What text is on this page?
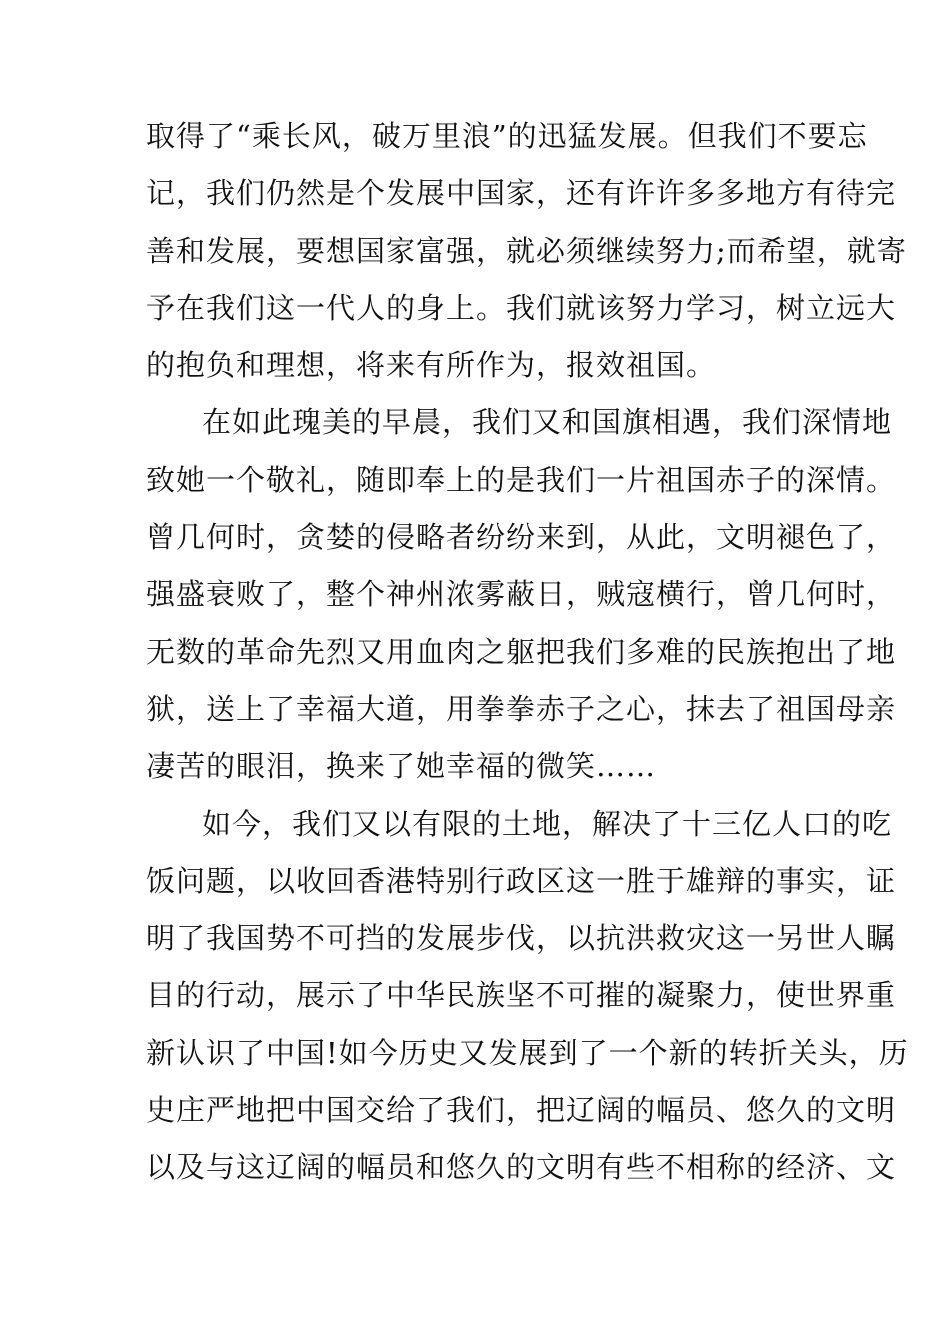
取得了“乘长风，破万里浪”的迅猛发展。但我们不要忘
记，我们仍然是个发展中国家，还有许许多多地方有待完
善和发展，要想国家富强，就必须继续努力;而希望，就寄
予在我们这一代人的身上。我们就该努力学习，树立远大
的抱负和理想，将来有所作为，报效祖国。

在如此瑰美的早晨，我们又和国旗相遇，我们深情地
致她一个敬礼，随即奉上的是我们一片祖国赤子的深情。
曾几何时，贪婪的侵略者纷纷来到，从此，文明褪色了，
强盛衰败了，整个神州浓雾蔽日，贼寇横行，曾几何时，
无数的革命先烈又用血肉之躯把我们多难的民族抱出了地
狱，送上了幸福大道，用拳拳赤子之心，抹去了祖国母亲
凄苦的眼泪，换来了她幸福的微笑……

如今，我们又以有限的土地，解决了十三亿人口的吃
饭问题，以收回香港特别行政区这一胜于雄辩的事实，证
明了我国势不可挡的发展步伐，以抗洪救灾这一另世人瞩
目的行动，展示了中华民族坚不可摧的凝聚力，使世界重
新认识了中国!如今历史又发展到了一个新的转折关头，历
史庄严地把中国交给了我们，把辽阔的幅员、悠久的文明
以及与这辽阔的幅员和悠久的文明有些不相称的经济、文
